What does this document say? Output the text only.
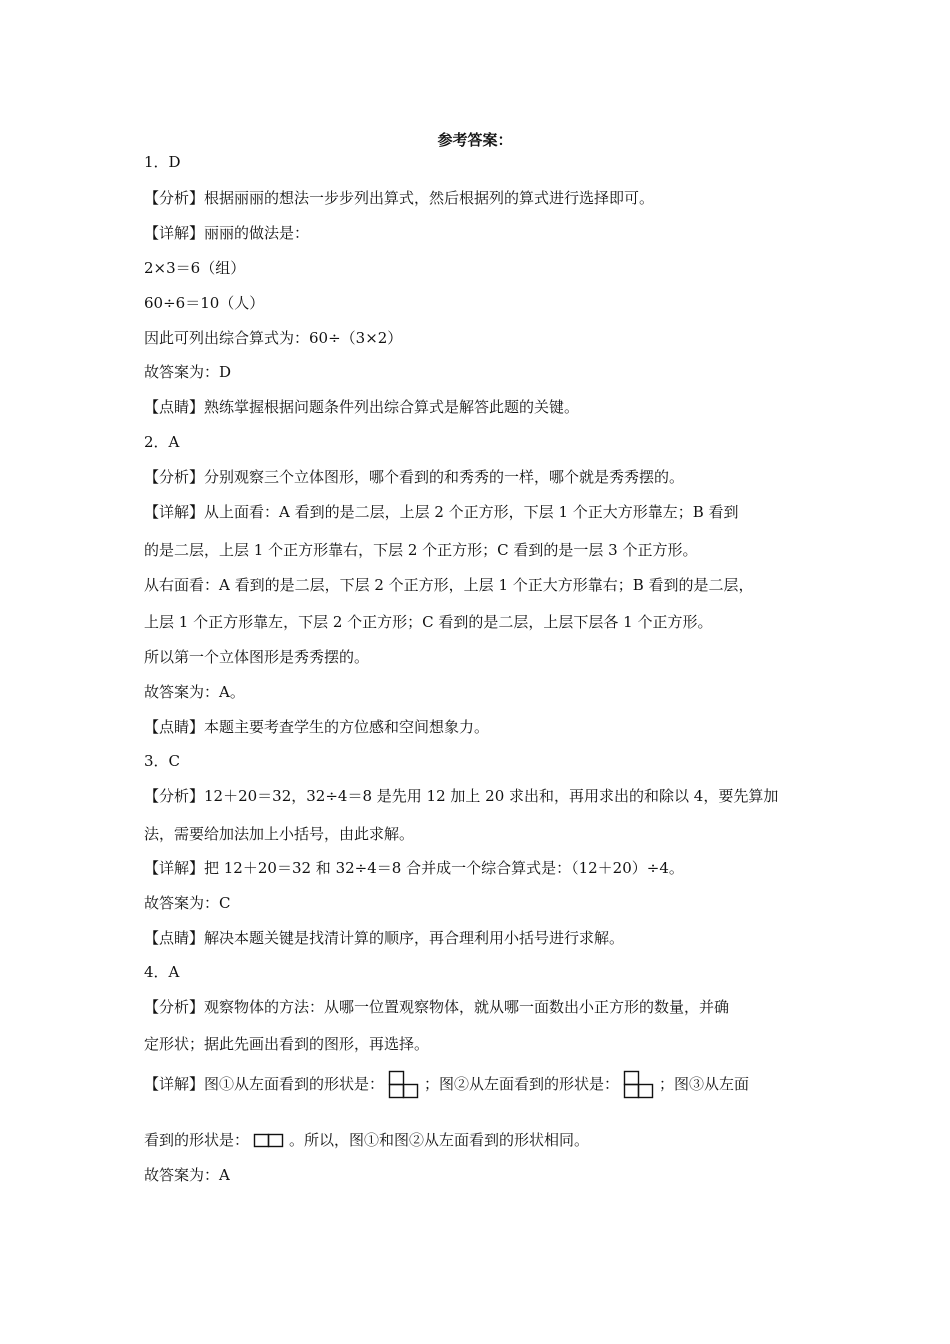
参考答案：
1．D
【分析】根据丽丽的想法一步步列出算式，然后根据列的算式进行选择即可。
【详解】丽丽的做法是：
2×3＝6（组）
60÷6＝10（人）
因此可列出综合算式为：60÷（3×2）
故答案为：D
【点睛】熟练掌握根据问题条件列出综合算式是解答此题的关键。
2．A
【分析】分别观察三个立体图形，哪个看到的和秀秀的一样，哪个就是秀秀摆的。
【详解】从上面看：A 看到的是二层，上层 2 个正方形，下层 1 个正大方形靠左；B 看到
的是二层，上层 1 个正方形靠右，下层 2 个正方形；C 看到的是一层 3 个正方形。
从右面看：A 看到的是二层，下层 2 个正方形，上层 1 个正大方形靠右；B 看到的是二层，
上层 1 个正方形靠左，下层 2 个正方形；C 看到的是二层，上层下层各 1 个正方形。
所以第一个立体图形是秀秀摆的。
故答案为：A。
【点睛】本题主要考查学生的方位感和空间想象力。
3．C
【分析】12＋20＝32，32÷4＝8 是先用 12 加上 20 求出和，再用求出的和除以 4，要先算加
法，需要给加法加上小括号，由此求解。
【详解】把 12＋20＝32 和 32÷4＝8 合并成一个综合算式是：（12＋20）÷4。
故答案为：C
【点睛】解决本题关键是找清计算的顺序，再合理利用小括号进行求解。
4．A
【分析】观察物体的方法：从哪一位置观察物体，就从哪一面数出小正方形的数量，并确
定形状；据此先画出看到的图形，再选择。
【详解】图①从左面看到的形状是：	；图②从左面看到的形状是：	；图③从左面
看到的形状是：	。所以，图①和图②从左面看到的形状相同。
故答案为：A
